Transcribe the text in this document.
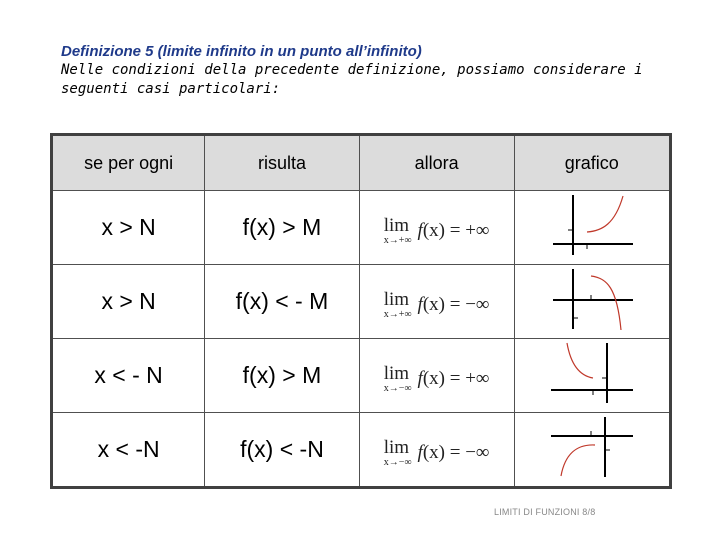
Definizione 5 (limite infinito in un punto all’infinito)
Nelle condizioni della precedente definizione, possiamo considerare i
seguenti casi particolari:
se per ogni	risulta	allora	grafico
x > N	f(x) > M	lim
x→+∞ f(x) = +∞

x > N	f(x) < - M	lim
x→+∞ f(x) = −∞

x < - N	f(x) > M	lim
x→−∞ f(x) = +∞

x < -N	f(x) < -N	lim
x→−∞ f(x) = −∞

LIMITI DI FUNZIONI 8/8
